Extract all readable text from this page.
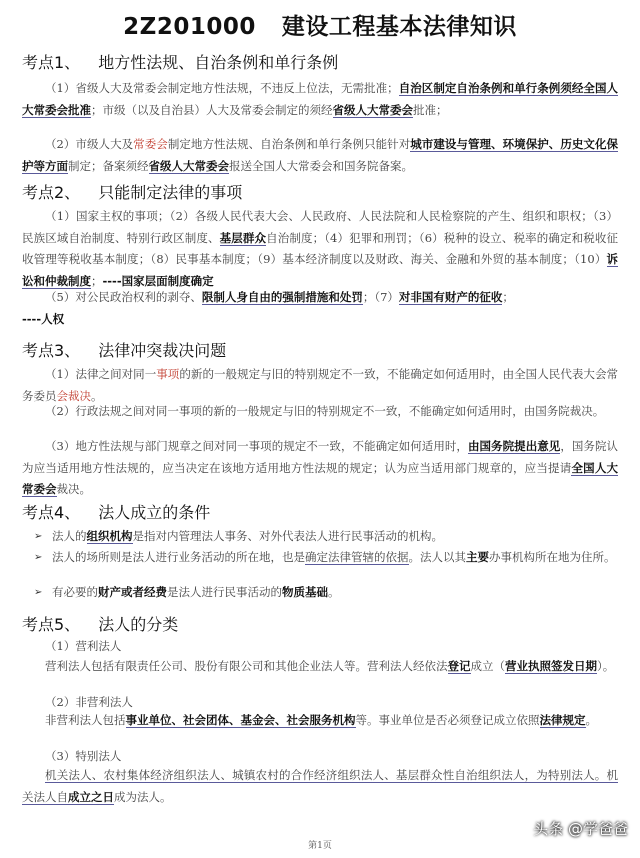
2Z201000 建设工程基本法律知识
考点1、 地方性法规、自治条例和单行条例
（1）省级人大及常委会制定地方性法规，不违反上位法，无需批准；自治区制定自治条例和单行条例须经全国人大常委会批准；市级（以及自治县）人大及常委会制定的须经省级人大常委会批准；
（2）市级人大及常委会制定地方性法规、自治条例和单行条例只能针对城市建设与管理、环境保护、历史文化保护等方面制定；备案须经省级人大常委会报送全国人大常委会和国务院备案。
考点2、 只能制定法律的事项
（1）国家主权的事项；（2）各级人民代表大会、人民政府、人民法院和人民检察院的产生、组织和职权；（3）民族区域自治制度、特别行政区制度、基层群众自治制度；（4）犯罪和刑罚；（6）税种的设立、税率的确定和税收征收管理等税收基本制度；（8）民事基本制度；（9）基本经济制度以及财政、海关、金融和外贸的基本制度；（10）诉讼和仲裁制度；----国家层面制度确定
（5）对公民政治权利的剥夺、限制人身自由的强制措施和处罚；（7）对非国有财产的征收；
----人权
考点3、 法律冲突裁决问题
（1）法律之间对同一事项的新的一般规定与旧的特别规定不一致，不能确定如何适用时，由全国人民代表大会常务委员会裁决。
（2）行政法规之间对同一事项的新的一般规定与旧的特别规定不一致，不能确定如何适用时，由国务院裁决。
（3）地方性法规与部门规章之间对同一事项的规定不一致，不能确定如何适用时，由国务院提出意见，国务院认为应当适用地方性法规的，应当决定在该地方适用地方性法规的规定；认为应当适用部门规章的，应当提请全国人大常委会裁决。
考点4、 法人成立的条件
➢ 法人的组织机构是指对内管理法人事务、对外代表法人进行民事活动的机构。
➢ 法人的场所则是法人进行业务活动的所在地，也是确定法律管辖的依据。法人以其主要办事机构所在地为住所。
➢ 有必要的财产或者经费是法人进行民事活动的物质基础。
考点5、 法人的分类
（1）营利法人
营利法人包括有限责任公司、股份有限公司和其他企业法人等。营利法人经依法登记成立（营业执照签发日期）。
（2）非营利法人
非营利法人包括事业单位、社会团体、基金会、社会服务机构等。事业单位是否必须登记成立依照法律规定。
（3）特别法人
机关法人、农村集体经济组织法人、城镇农村的合作经济组织法人、基层群众性自治组织法人，为特别法人。机关法人自成立之日成为法人。
头条 @学爸爸
第1页
